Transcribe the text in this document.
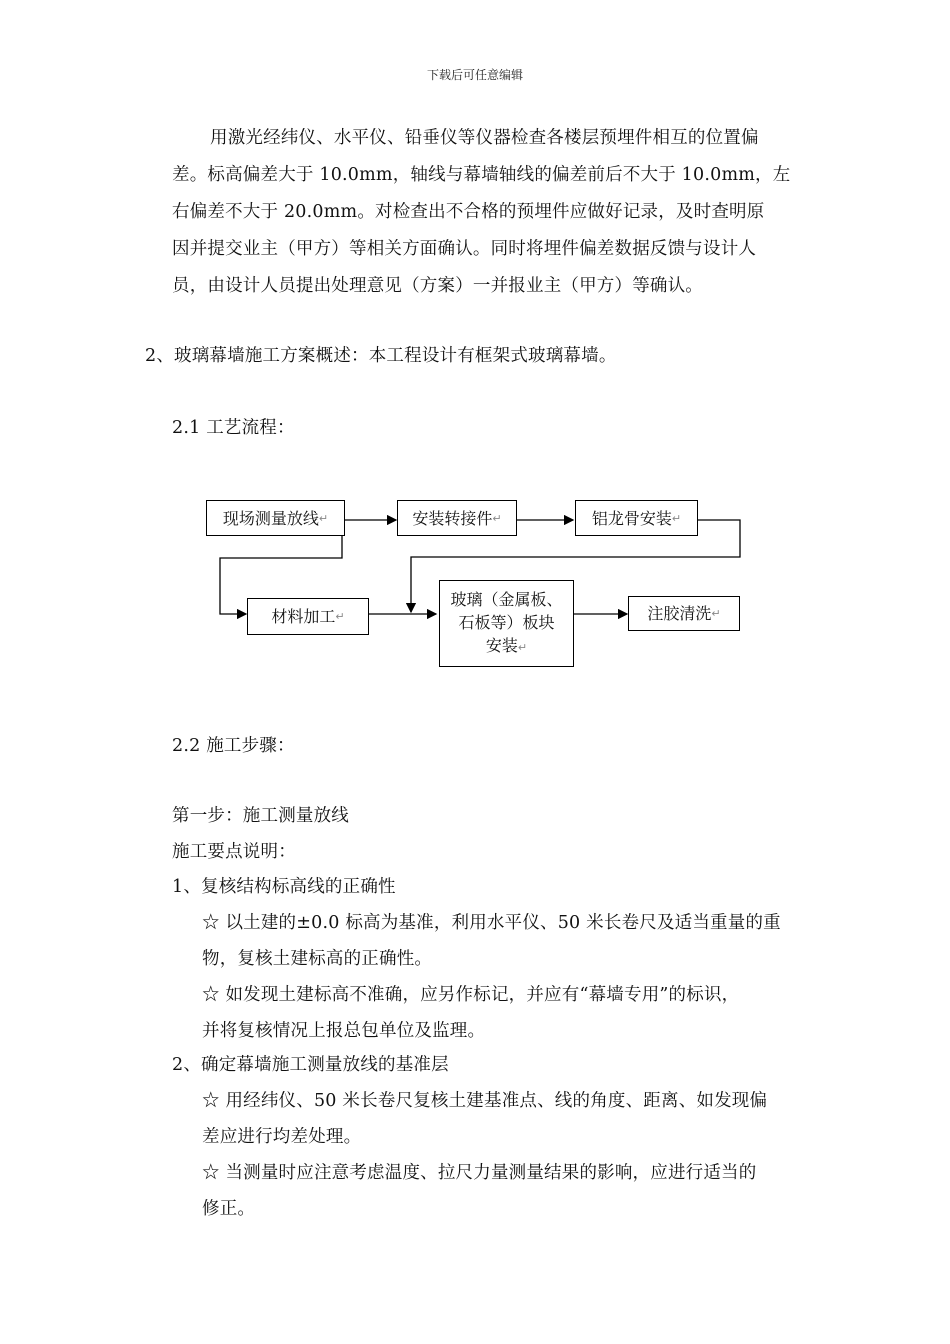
下载后可任意编辑
用激光经纬仪、水平仪、铅垂仪等仪器检查各楼层预埋件相互的位置偏
差。标高偏差大于 10.0mm，轴线与幕墙轴线的偏差前后不大于 10.0mm，左
右偏差不大于 20.0mm。对检查出不合格的预埋件应做好记录，及时查明原
因并提交业主（甲方）等相关方面确认。同时将埋件偏差数据反馈与设计人
员，由设计人员提出处理意见（方案）一并报业主（甲方）等确认。
2、玻璃幕墙施工方案概述：本工程设计有框架式玻璃幕墙。
2.1 工艺流程：
现场测量放线 ↵	安装转接件 ↵	铝龙骨安装 ↵
材料加工 ↵
玻璃（金属板、
石板等）板块
安装↵
注胶清洗 ↵
2.2 施工步骤：
第一步：施工测量放线
施工要点说明：
1、复核结构标高线的正确性
☆ 以土建的±0.0 标高为基准，利用水平仪、50 米长卷尺及适当重量的重
物，复核土建标高的正确性。
☆ 如发现土建标高不准确，应另作标记，并应有“幕墙专用”的标识，
并将复核情况上报总包单位及监理。
2、确定幕墙施工测量放线的基准层
☆ 用经纬仪、50 米长卷尺复核土建基准点、线的角度、距离、如发现偏
差应进行均差处理。
☆ 当测量时应注意考虑温度、拉尺力量测量结果的影响，应进行适当的
修正。
